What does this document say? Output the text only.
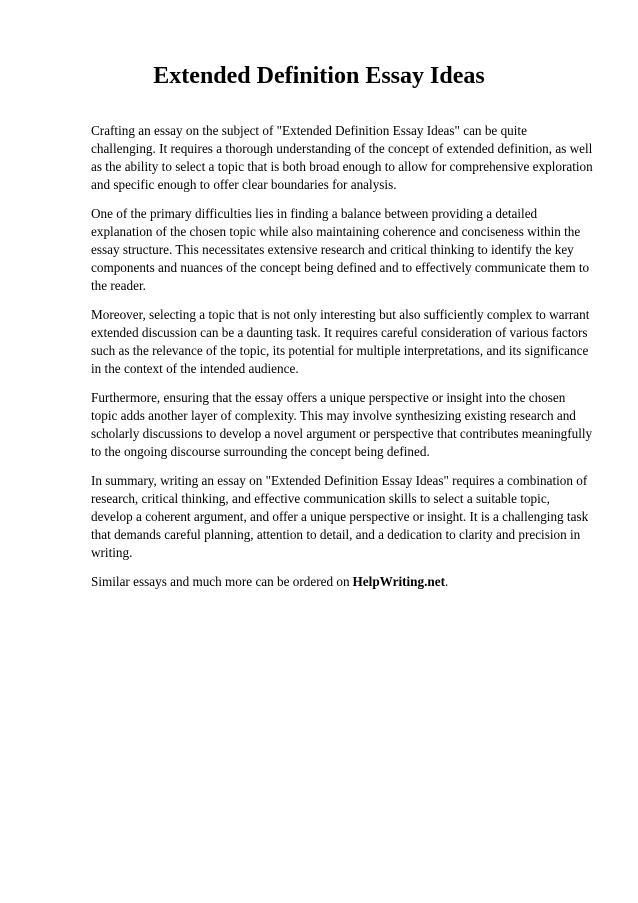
Extended Definition Essay Ideas

Crafting an essay on the subject of "Extended Definition Essay Ideas" can be quite challenging. It requires a thorough understanding of the concept of extended definition, as well as the ability to select a topic that is both broad enough to allow for comprehensive exploration and specific enough to offer clear boundaries for analysis.

One of the primary difficulties lies in finding a balance between providing a detailed explanation of the chosen topic while also maintaining coherence and conciseness within the essay structure. This necessitates extensive research and critical thinking to identify the key components and nuances of the concept being defined and to effectively communicate them to the reader.

Moreover, selecting a topic that is not only interesting but also sufficiently complex to warrant extended discussion can be a daunting task. It requires careful consideration of various factors such as the relevance of the topic, its potential for multiple interpretations, and its significance in the context of the intended audience.

Furthermore, ensuring that the essay offers a unique perspective or insight into the chosen topic adds another layer of complexity. This may involve synthesizing existing research and scholarly discussions to develop a novel argument or perspective that contributes meaningfully to the ongoing discourse surrounding the concept being defined.

In summary, writing an essay on "Extended Definition Essay Ideas" requires a combination of research, critical thinking, and effective communication skills to select a suitable topic, develop a coherent argument, and offer a unique perspective or insight. It is a challenging task that demands careful planning, attention to detail, and a dedication to clarity and precision in writing.

Similar essays and much more can be ordered on HelpWriting.net.
